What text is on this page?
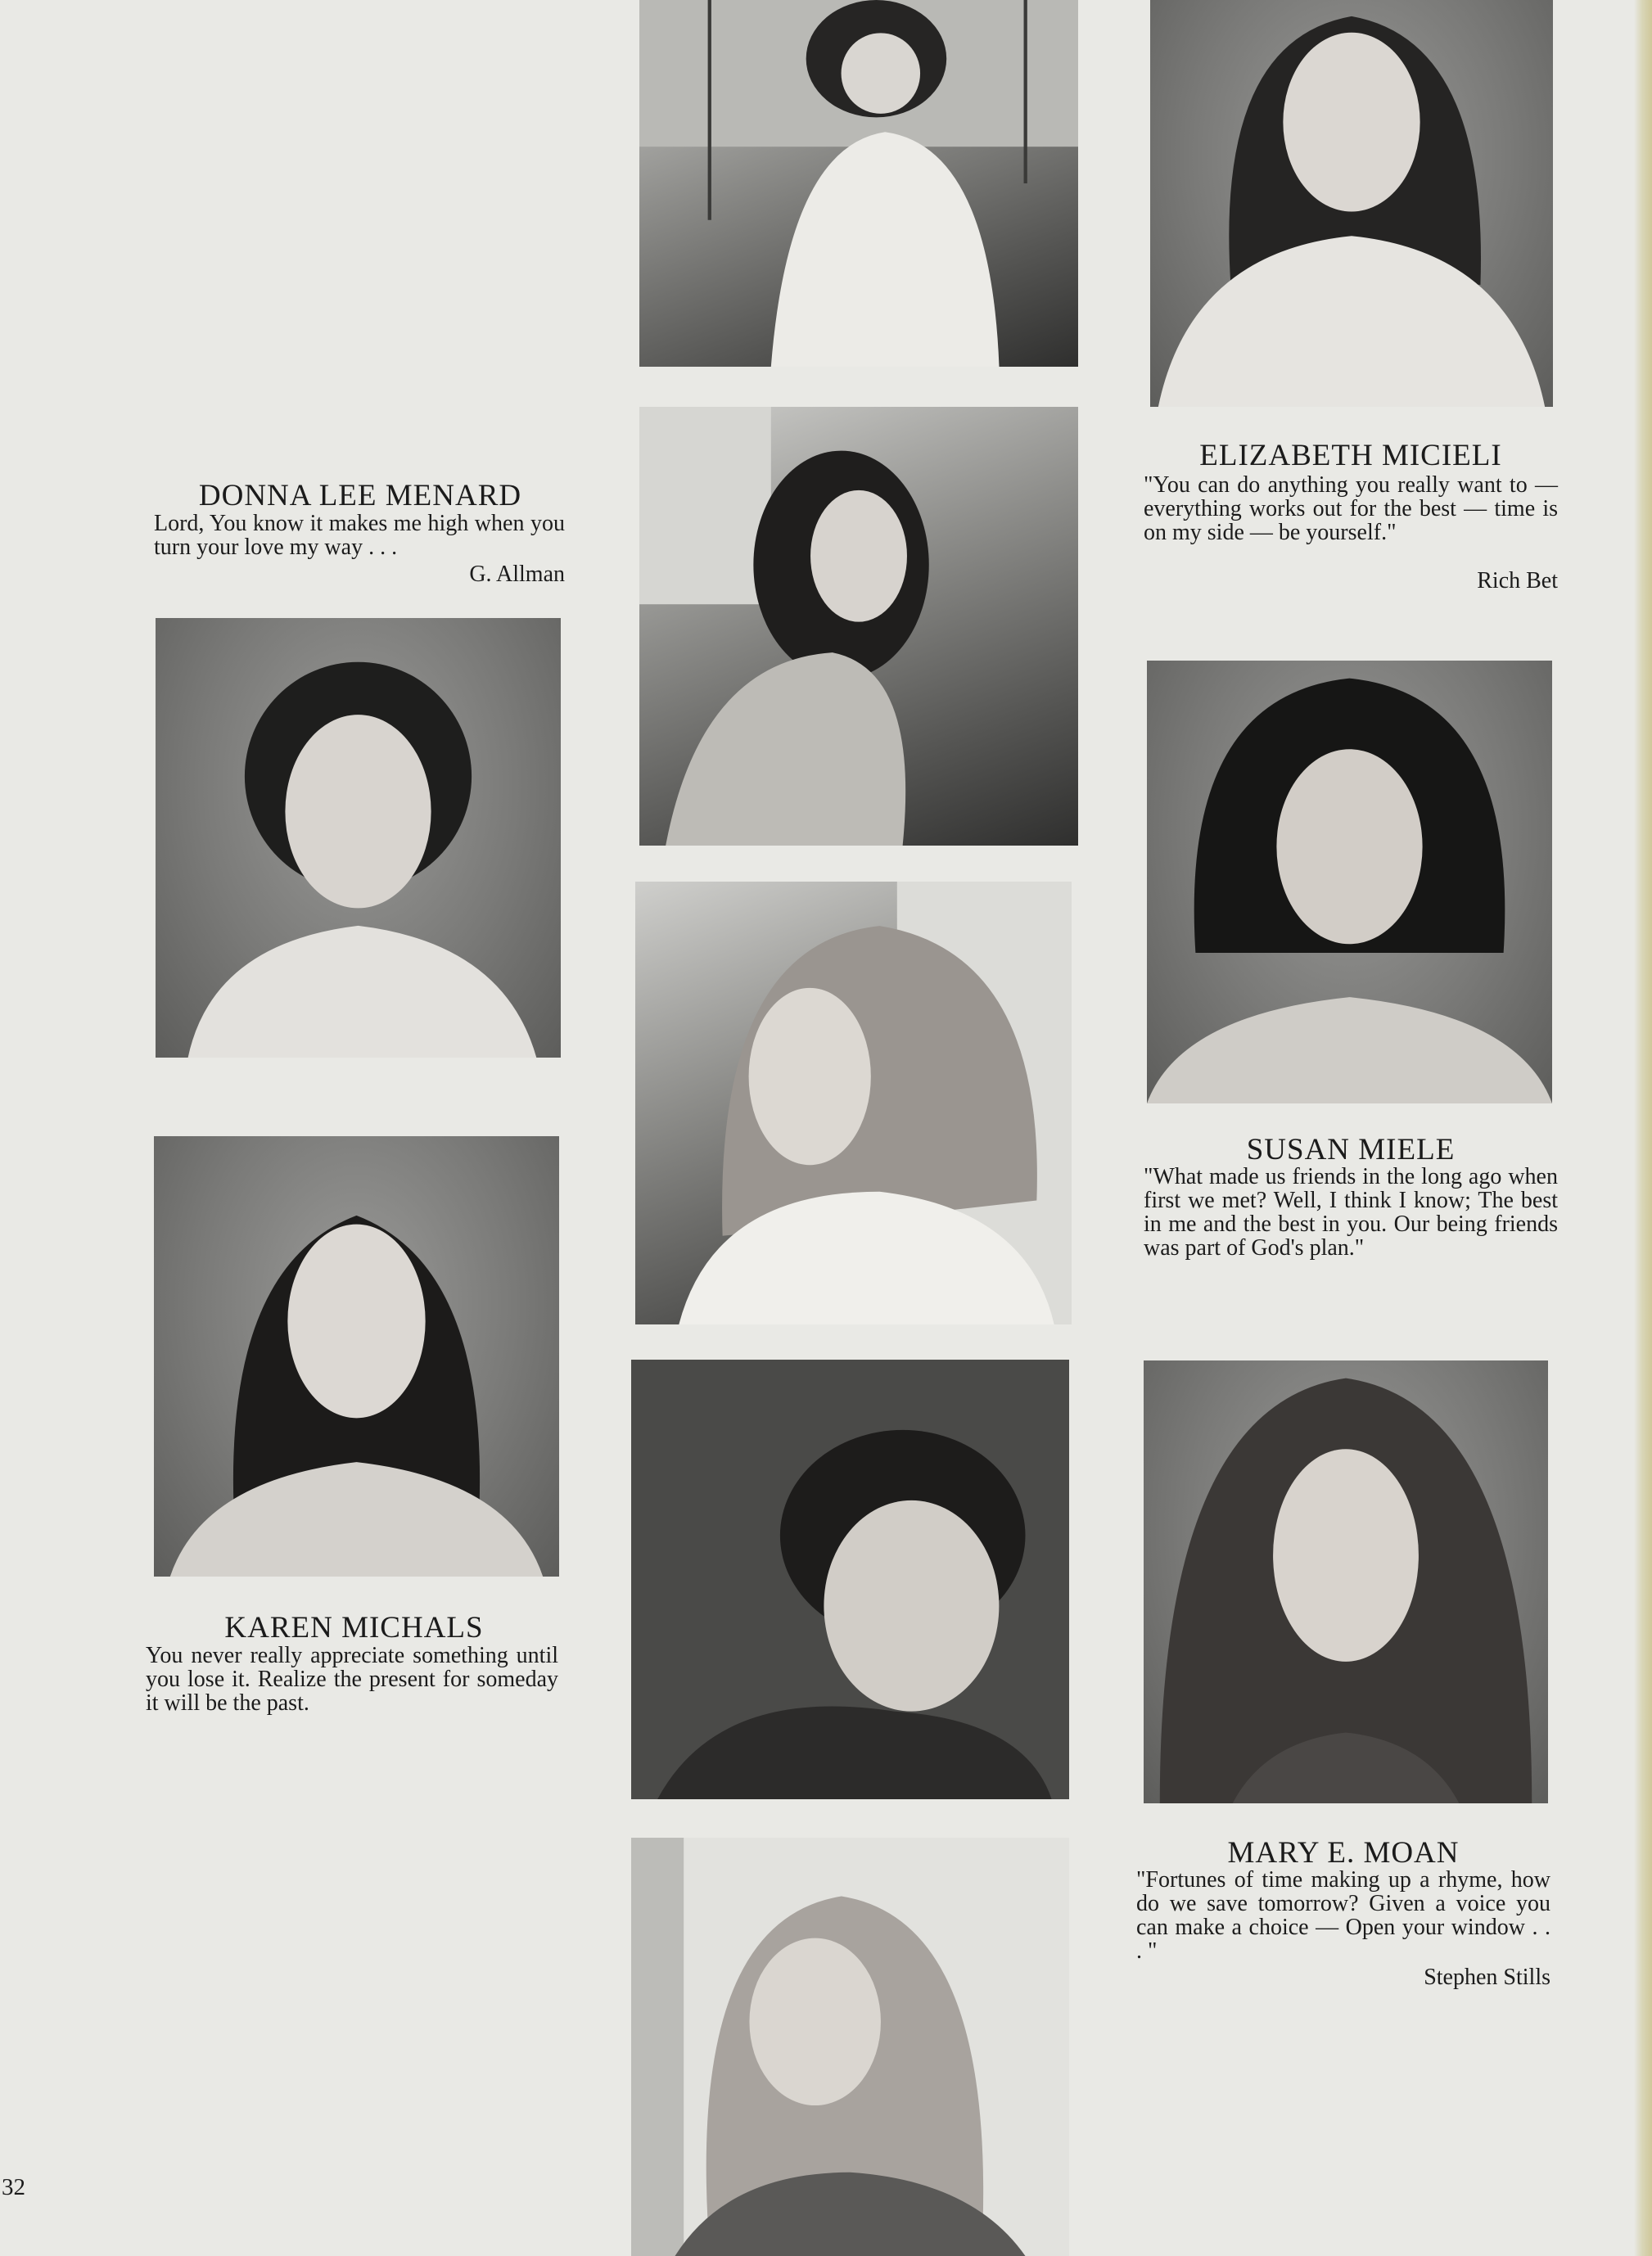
DONNA LEE MENARD

Lord, You know it makes me high when you turn your love my way . . .

G. Allman

KAREN MICHALS

You never really appreciate something until you lose it. Realize the present for someday it will be the past.

ELIZABETH MICIELI

"You can do anything you really want to — everything works out for the best — time is on my side — be yourself."

Rich Bet

SUSAN MIELE

"What made us friends in the long ago when first we met? Well, I think I know; The best in me and the best in you. Our being friends was part of God's plan."

MARY E. MOAN

"Fortunes of time making up a rhyme, how do we save tomorrow? Given a voice you can make a choice — Open your window . . . "

Stephen Stills

32
